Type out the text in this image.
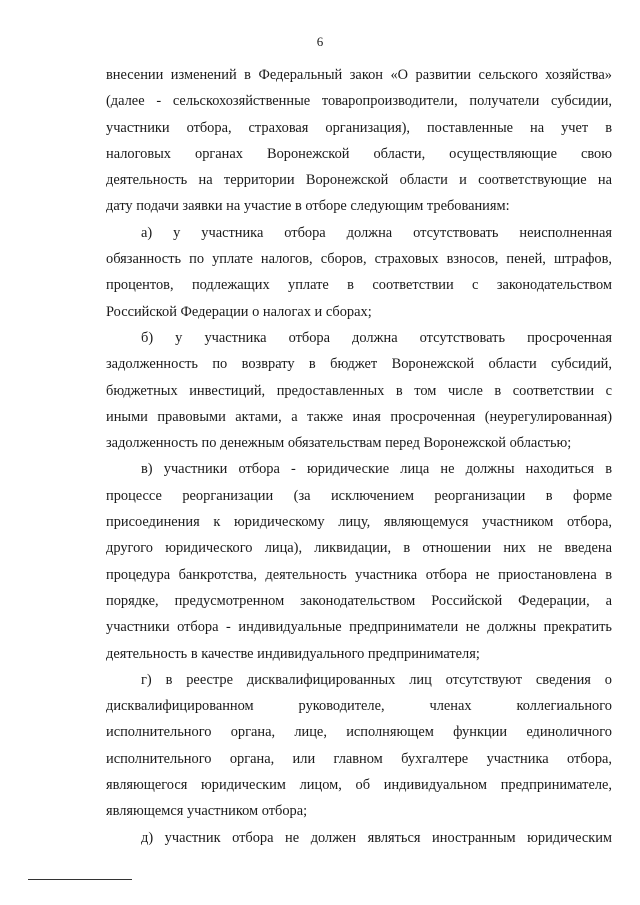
6
внесении изменений в Федеральный закон «О развитии сельского хозяйства»
(далее - сельскохозяйственные товаропроизводители, получатели субсидии,
участники отбора, страховая организация), поставленные на учет в
налоговых органах Воронежской области, осуществляющие свою
деятельность на территории Воронежской области и соответствующие на
дату подачи заявки на участие в отборе следующим требованиям:
а) у участника отбора должна отсутствовать неисполненная
обязанность по уплате налогов, сборов, страховых взносов, пеней, штрафов,
процентов, подлежащих уплате в соответствии с законодательством
Российской Федерации о налогах и сборах;
б) у участника отбора должна отсутствовать просроченная
задолженность по возврату в бюджет Воронежской области субсидий,
бюджетных инвестиций, предоставленных в том числе в соответствии с
иными правовыми актами, а также иная просроченная (неурегулированная)
задолженность по денежным обязательствам перед Воронежской областью;
в) участники отбора - юридические лица не должны находиться в
процессе реорганизации (за исключением реорганизации в форме
присоединения к юридическому лицу, являющемуся участником отбора,
другого юридического лица), ликвидации, в отношении них не введена
процедура банкротства, деятельность участника отбора не приостановлена в
порядке, предусмотренном законодательством Российской Федерации, а
участники отбора - индивидуальные предприниматели не должны прекратить
деятельность в качестве индивидуального предпринимателя;
г) в реестре дисквалифицированных лиц отсутствуют сведения о
дисквалифицированном руководителе, членах коллегиального
исполнительного органа, лице, исполняющем функции единоличного
исполнительного органа, или главном бухгалтере участника отбора,
являющегося юридическим лицом, об индивидуальном предпринимателе,
являющемся участником отбора;
д) участник отбора не должен являться иностранным юридическим
